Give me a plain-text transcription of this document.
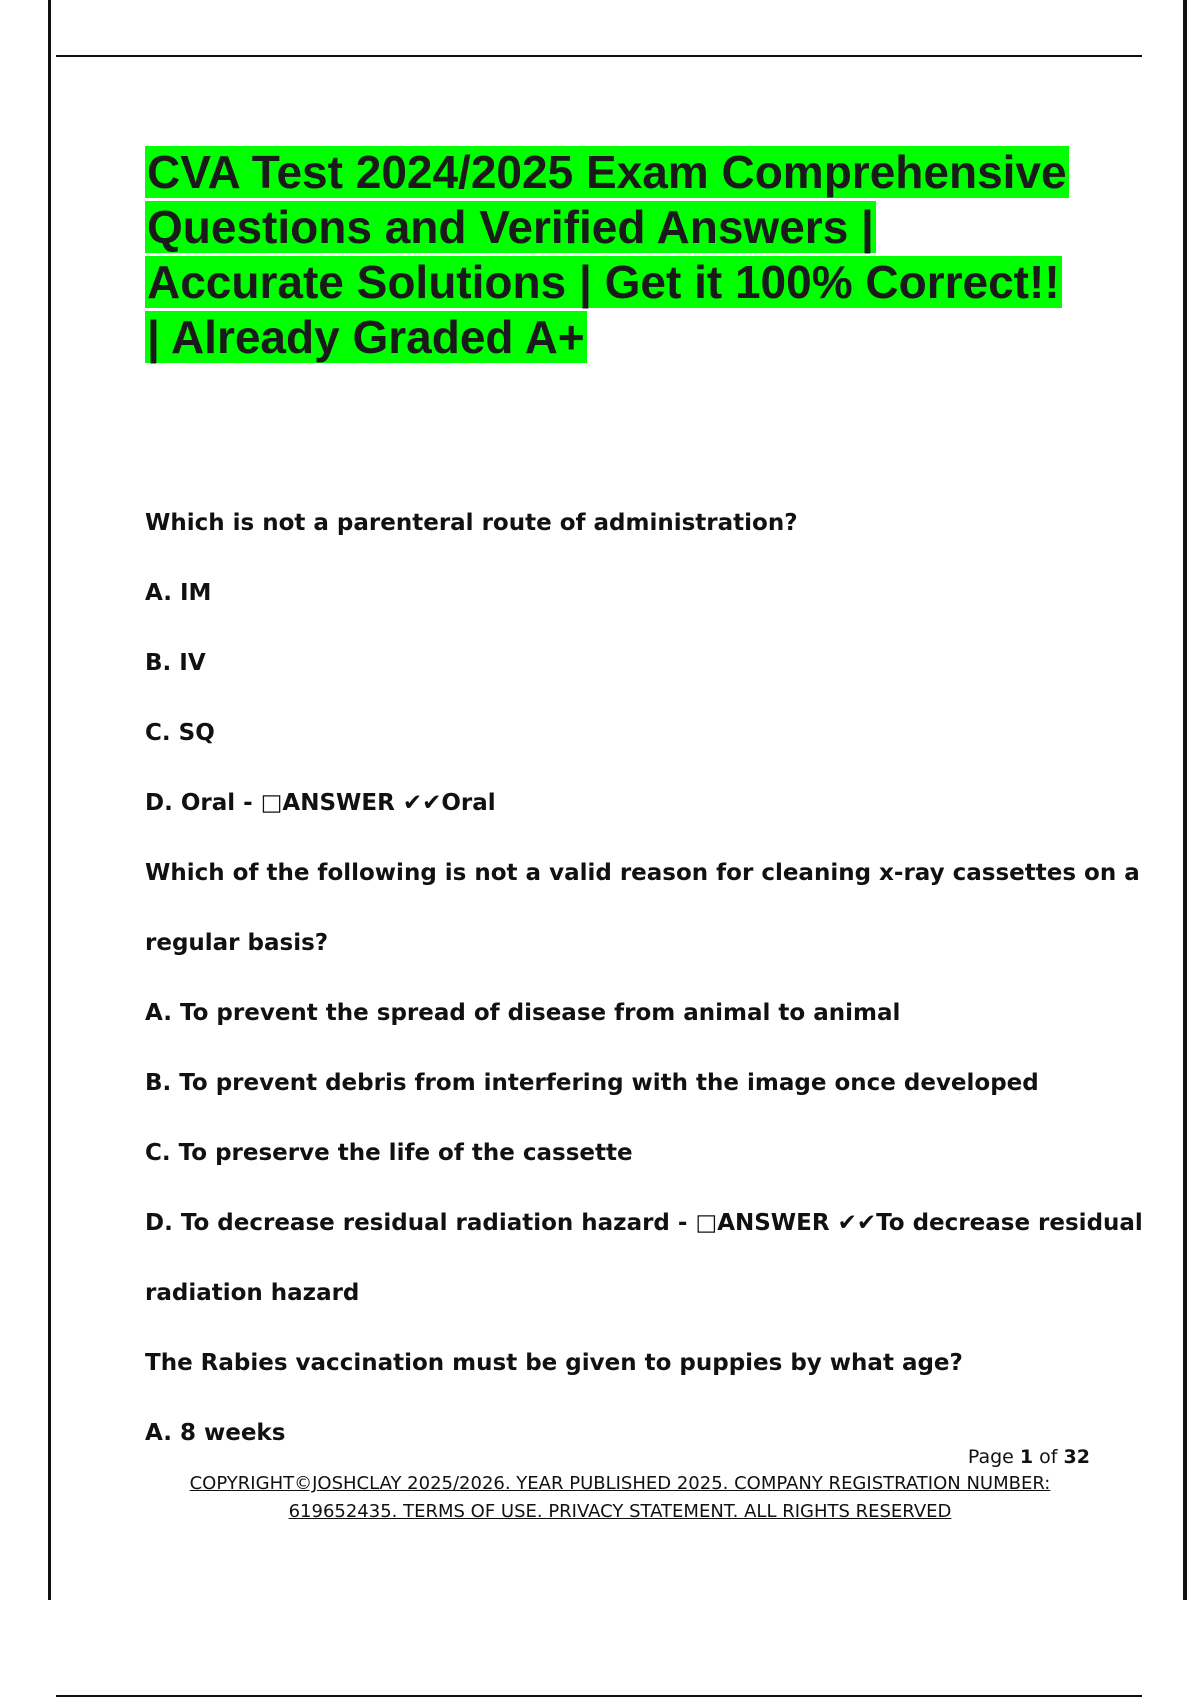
CVA Test 2024/2025 Exam Comprehensive Questions and Verified Answers | Accurate Solutions | Get it 100% Correct!! | Already Graded A+
Which is not a parenteral route of administration?
A. IM
B. IV
C. SQ
D. Oral - □ANSWER ✔✔Oral
Which of the following is not a valid reason for cleaning x-ray cassettes on a
regular basis?
A. To prevent the spread of disease from animal to animal
B. To prevent debris from interfering with the image once developed
C. To preserve the life of the cassette
D. To decrease residual radiation hazard - □ANSWER ✔✔To decrease residual
radiation hazard
The Rabies vaccination must be given to puppies by what age?
A. 8 weeks
Page 1 of 32
COPYRIGHT©JOSHCLAY 2025/2026. YEAR PUBLISHED 2025. COMPANY REGISTRATION NUMBER:
619652435. TERMS OF USE. PRIVACY STATEMENT. ALL RIGHTS RESERVED
